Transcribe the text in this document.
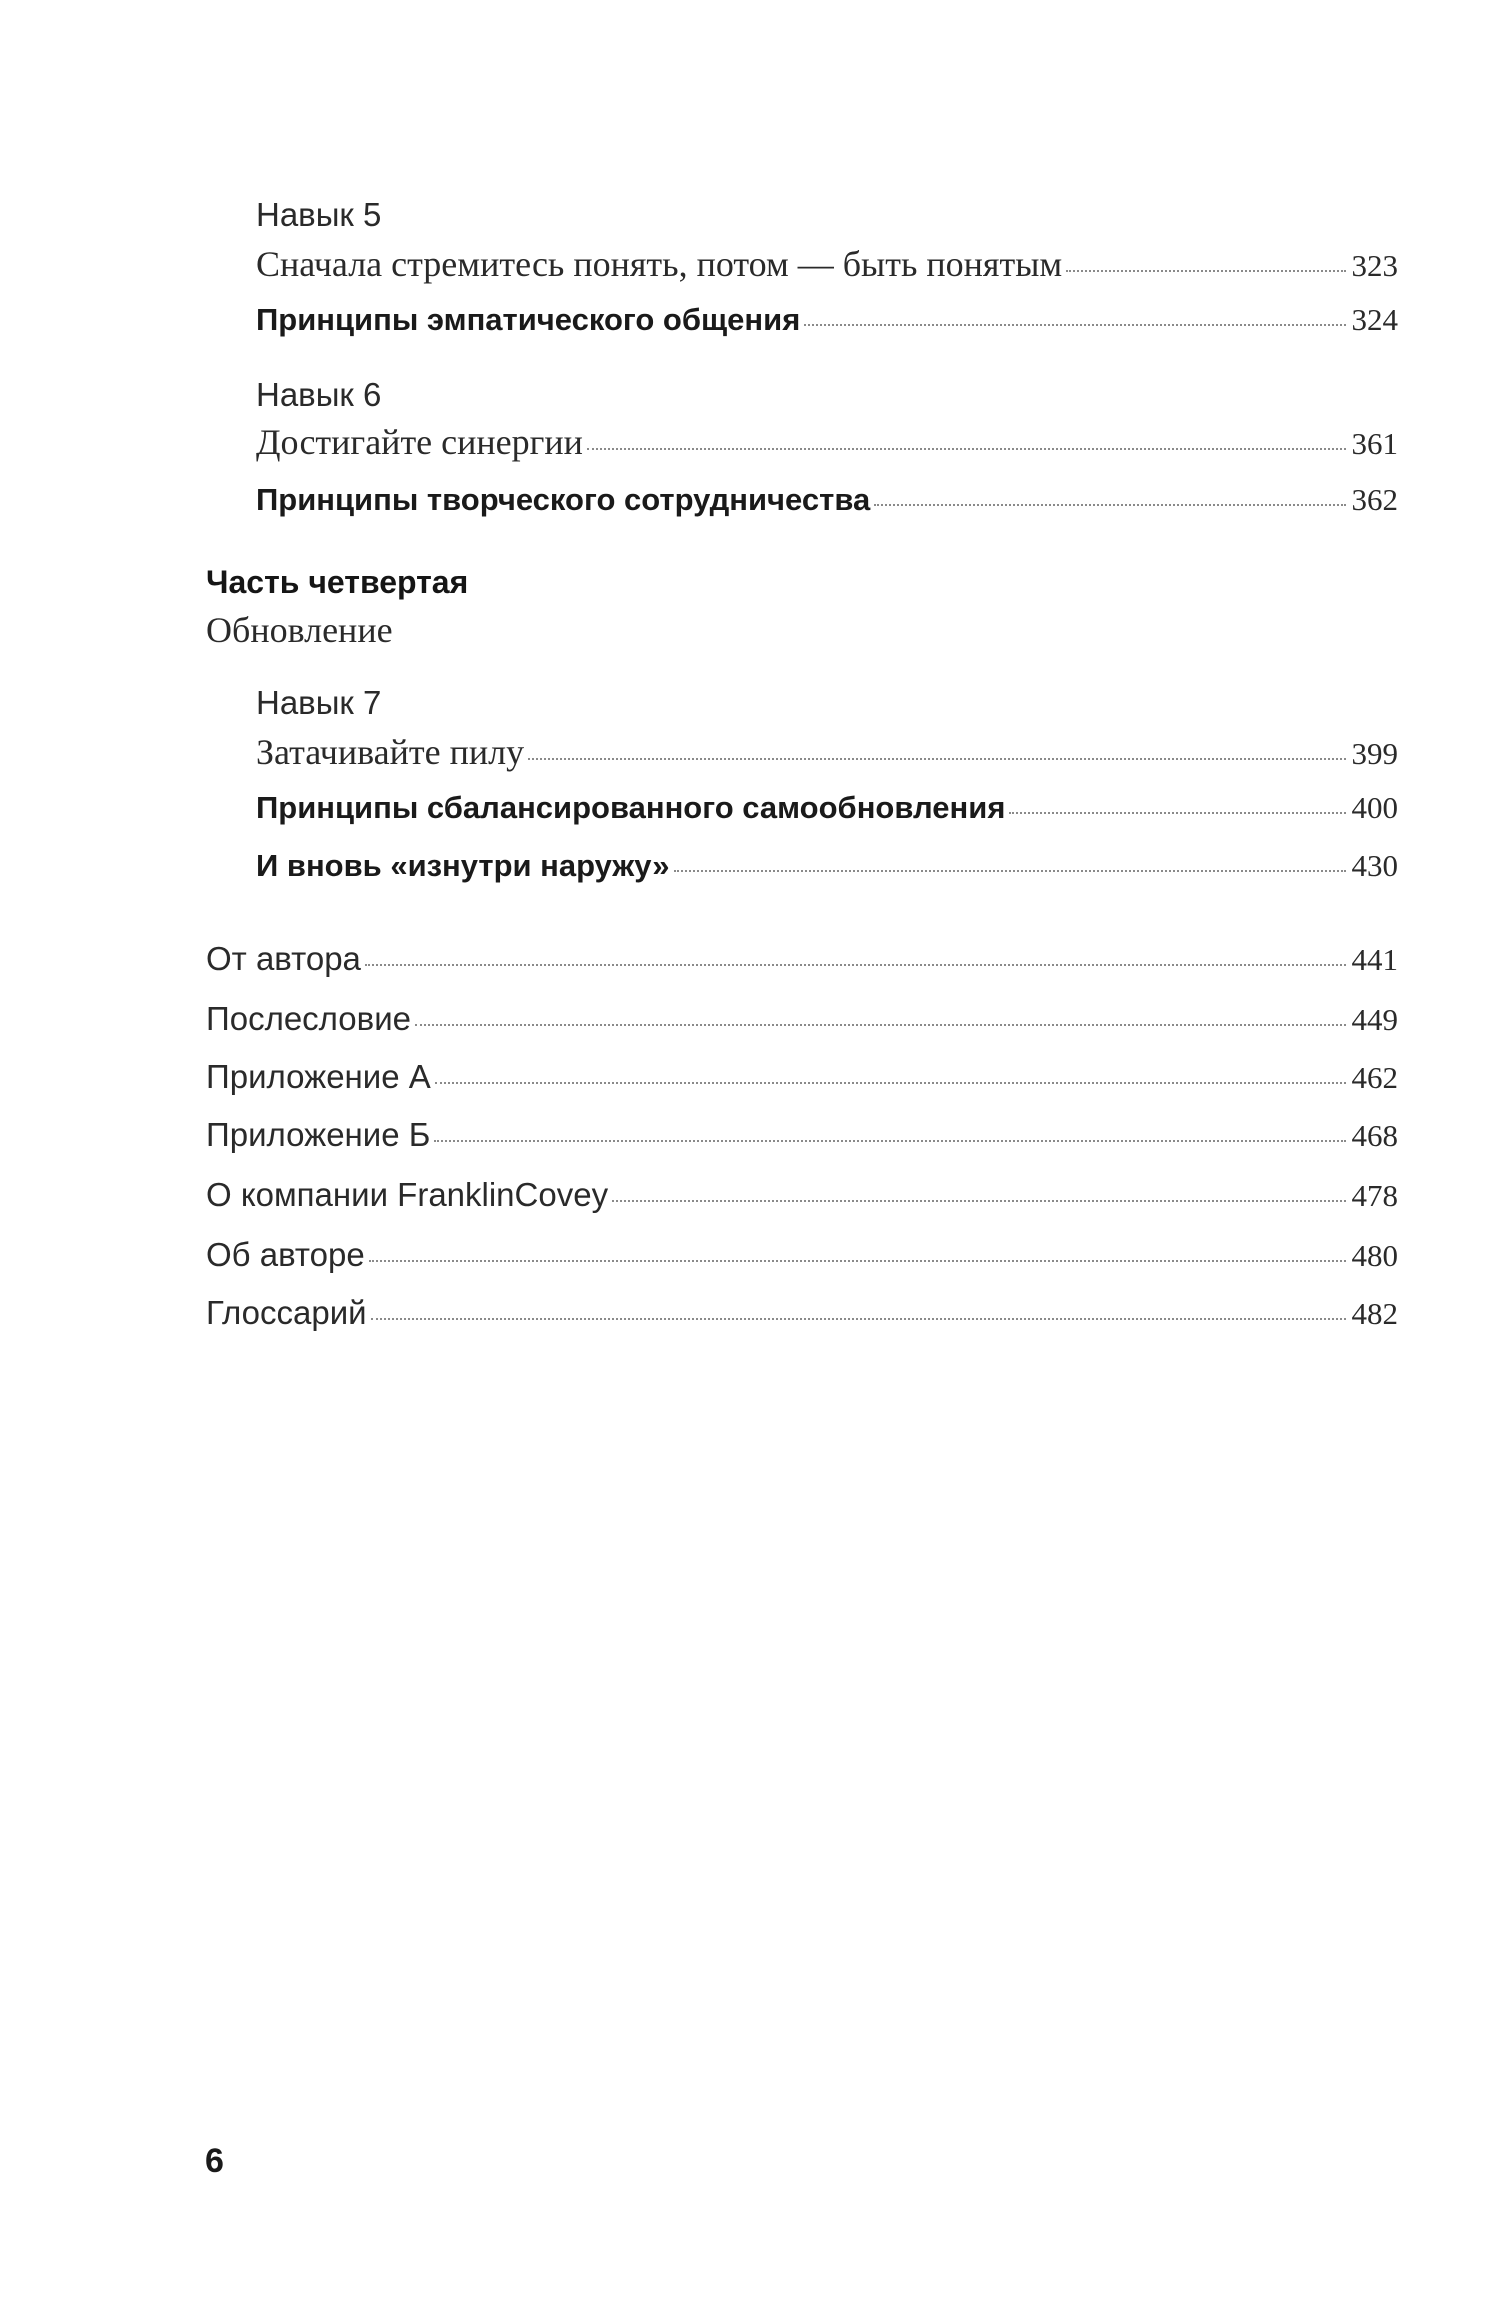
Навык 5
Сначала стремитесь понять, потом — быть понятым	323
Принципы эмпатического общения	324
Навык 6
Достигайте синергии	361
Принципы творческого сотрудничества	362
Часть четвертая
Обновление
Навык 7
Затачивайте пилу	399
Принципы сбалансированного самообновления	400
И вновь «изнутри наружу»	430
От автора	441
Послесловие	449
Приложение А	462
Приложение Б	468
О компании FranklinCovey	478
Об авторе	480
Глоссарий	482
6
